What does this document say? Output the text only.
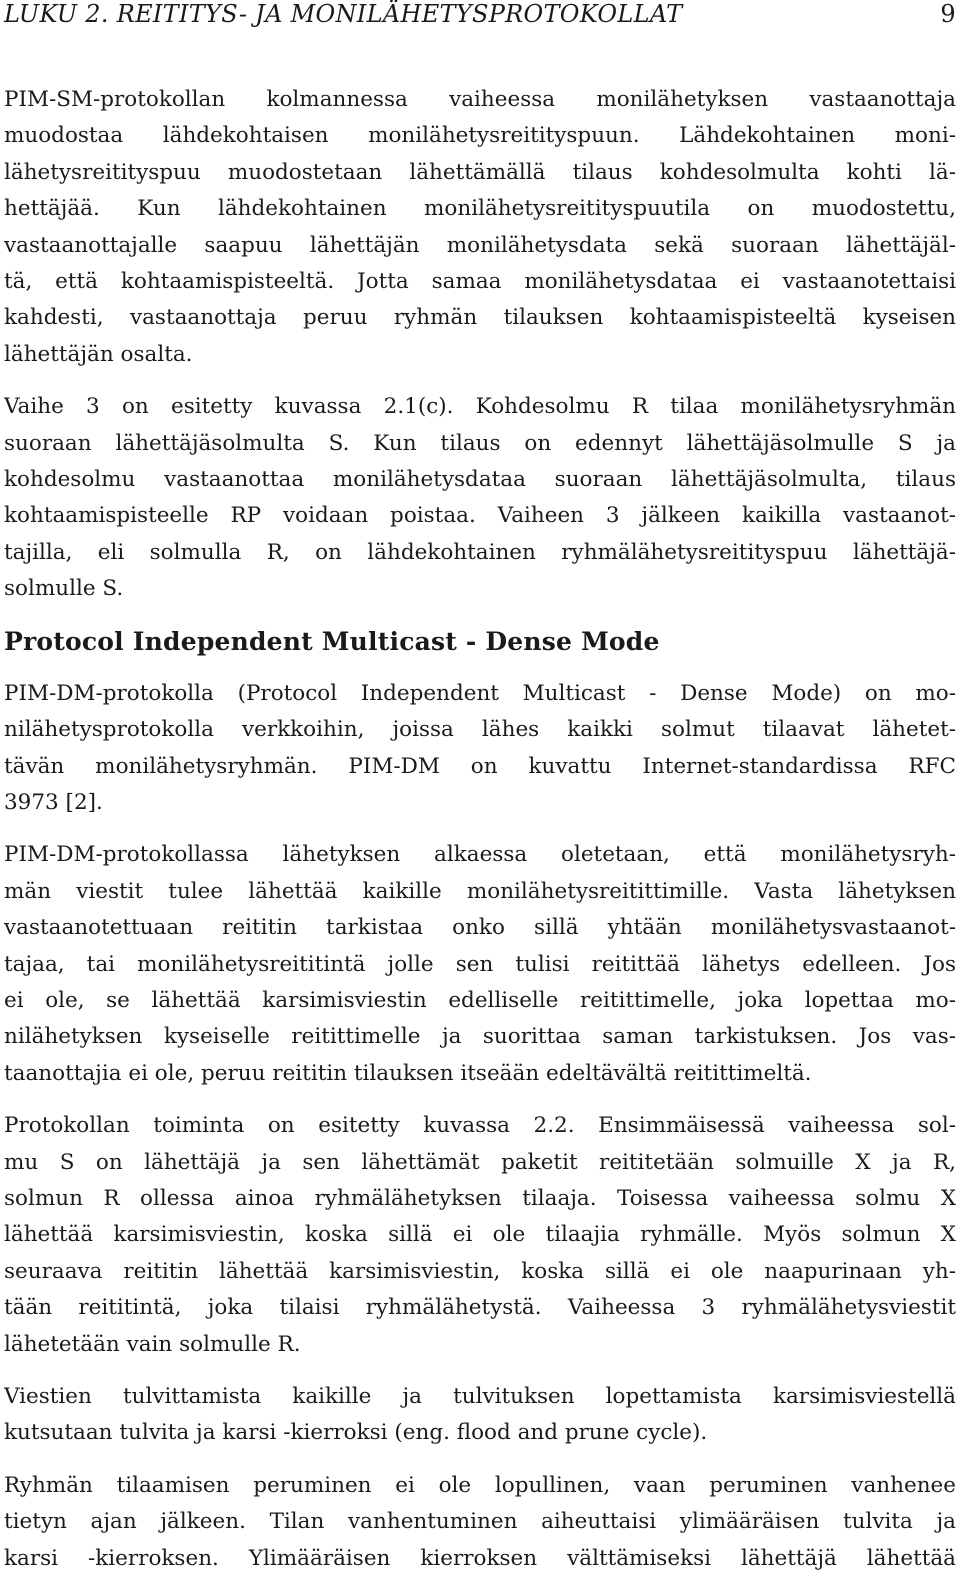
LUKU 2. REITITYS- JA MONILÄHETYSPROTOKOLLAT	9

PIM-SM-protokollan kolmannessa vaiheessa monilähetyksen vastaanottaja
muodostaa lähdekohtaisen monilähetysreitityspuun. Lähdekohtainen moni-
lähetysreitityspuu muodostetaan lähettämällä tilaus kohdesolmulta kohti lä-
hettäjää. Kun lähdekohtainen monilähetysreitityspuutila on muodostettu,
vastaanottajalle saapuu lähettäjän monilähetysdata sekä suoraan lähettäjäl-
tä, että kohtaamispisteeltä. Jotta samaa monilähetysdataa ei vastaanotettaisi
kahdesti, vastaanottaja peruu ryhmän tilauksen kohtaamispisteeltä kyseisen
lähettäjän osalta.

Vaihe 3 on esitetty kuvassa 2.1(c). Kohdesolmu R tilaa monilähetysryhmän
suoraan lähettäjäsolmulta S. Kun tilaus on edennyt lähettäjäsolmulle S ja
kohdesolmu vastaanottaa monilähetysdataa suoraan lähettäjäsolmulta, tilaus
kohtaamispisteelle RP voidaan poistaa. Vaiheen 3 jälkeen kaikilla vastaanot-
tajilla, eli solmulla R, on lähdekohtainen ryhmälähetysreitityspuu lähettäjä-
solmulle S.

Protocol Independent Multicast - Dense Mode

PIM-DM-protokolla (Protocol Independent Multicast - Dense Mode) on mo-
nilähetysprotokolla verkkoihin, joissa lähes kaikki solmut tilaavat lähetet-
tävän monilähetysryhmän. PIM-DM on kuvattu Internet-standardissa RFC
3973 [2].

PIM-DM-protokollassa lähetyksen alkaessa oletetaan, että monilähetysryh-
män viestit tulee lähettää kaikille monilähetysreitittimille. Vasta lähetyksen
vastaanotettuaan reititin tarkistaa onko sillä yhtään monilähetysvastaanot-
tajaa, tai monilähetysreititintä jolle sen tulisi reitittää lähetys edelleen. Jos
ei ole, se lähettää karsimisviestin edelliselle reitittimelle, joka lopettaa mo-
nilähetyksen kyseiselle reitittimelle ja suorittaa saman tarkistuksen. Jos vas-
taanottajia ei ole, peruu reititin tilauksen itseään edeltävältä reitittimeltä.

Protokollan toiminta on esitetty kuvassa 2.2. Ensimmäisessä vaiheessa sol-
mu S on lähettäjä ja sen lähettämät paketit reititetään solmuille X ja R,
solmun R ollessa ainoa ryhmälähetyksen tilaaja. Toisessa vaiheessa solmu X
lähettää karsimisviestin, koska sillä ei ole tilaajia ryhmälle. Myös solmun X
seuraava reititin lähettää karsimisviestin, koska sillä ei ole naapurinaan yh-
tään reititintä, joka tilaisi ryhmälähetystä. Vaiheessa 3 ryhmälähetysviestit
lähetetään vain solmulle R.

Viestien tulvittamista kaikille ja tulvituksen lopettamista karsimisviestellä
kutsutaan tulvita ja karsi -kierroksi (eng. flood and prune cycle).

Ryhmän tilaamisen peruminen ei ole lopullinen, vaan peruminen vanhenee
tietyn ajan jälkeen. Tilan vanhentuminen aiheuttaisi ylimääräisen tulvita ja
karsi -kierroksen. Ylimääräisen kierroksen välttämiseksi lähettäjä lähettää
